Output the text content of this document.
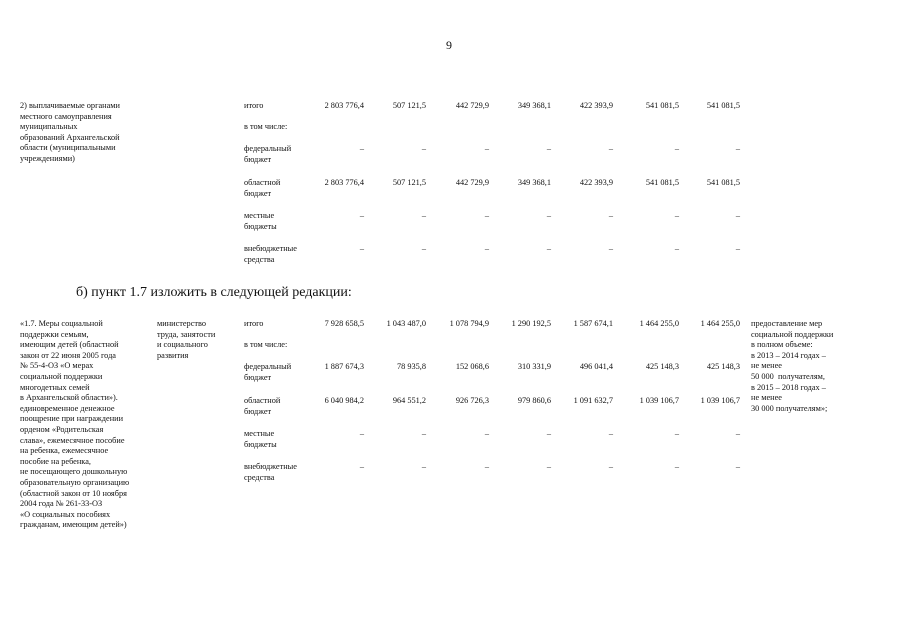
9
2) выплачиваемые органами
местного самоуправления
муниципальных
образований Архангельской
области (муниципальными
учреждениями)
итого	2 803 776,4	507 121,5	442 729,9	349 368,1	422 393,9	541 081,5	541 081,5
в том числе:
федеральный
бюджет
–	–	–	–	–	–	–
областной
бюджет
2 803 776,4	507 121,5	442 729,9	349 368,1	422 393,9	541 081,5	541 081,5
местные
бюджеты
–	–	–	–	–	–	–
внебюджетные
средства
–	–	–	–	–	–	–
б) пункт 1.7 изложить в следующей редакции:
«1.7. Меры социальной
поддержки семьям,
имеющим детей (областной
закон от 22 июня 2005 года
№ 55-4-ОЗ «О мерах
социальной поддержки
многодетных семей
в Архангельской области»).
единовременное денежное
поощрение при награждении
орденом «Родительская
слава», ежемесячное пособие
на ребенка, ежемесячное
пособие на ребенка,
не посещающего дошкольную
образовательную организацию
(областной закон от 10 ноября
2004 года № 261-33-ОЗ
«О социальных пособиях
гражданам, имеющим детей»)
министерство
труда, занятости
и социального
развития
предоставление мер
социальной поддержки
в полном объеме:
в 2013 – 2014 годах –
не менее
50 000  получателям,
в 2015 – 2018 годах –
не менее
30 000 получателям»;
итого	7 928 658,5	1 043 487,0	1 078 794,9	1 290 192,5	1 587 674,1	1 464 255,0	1 464 255,0
в том числе:
федеральный
бюджет
1 887 674,3	78 935,8	152 068,6	310 331,9	496 041,4	425 148,3	425 148,3
областной
бюджет
6 040 984,2	964 551,2	926 726,3	979 860,6	1 091 632,7	1 039 106,7	1 039 106,7
местные
бюджеты
–	–	–	–	–	–	–
внебюджетные
средства
–	–	–	–	–	–	–
